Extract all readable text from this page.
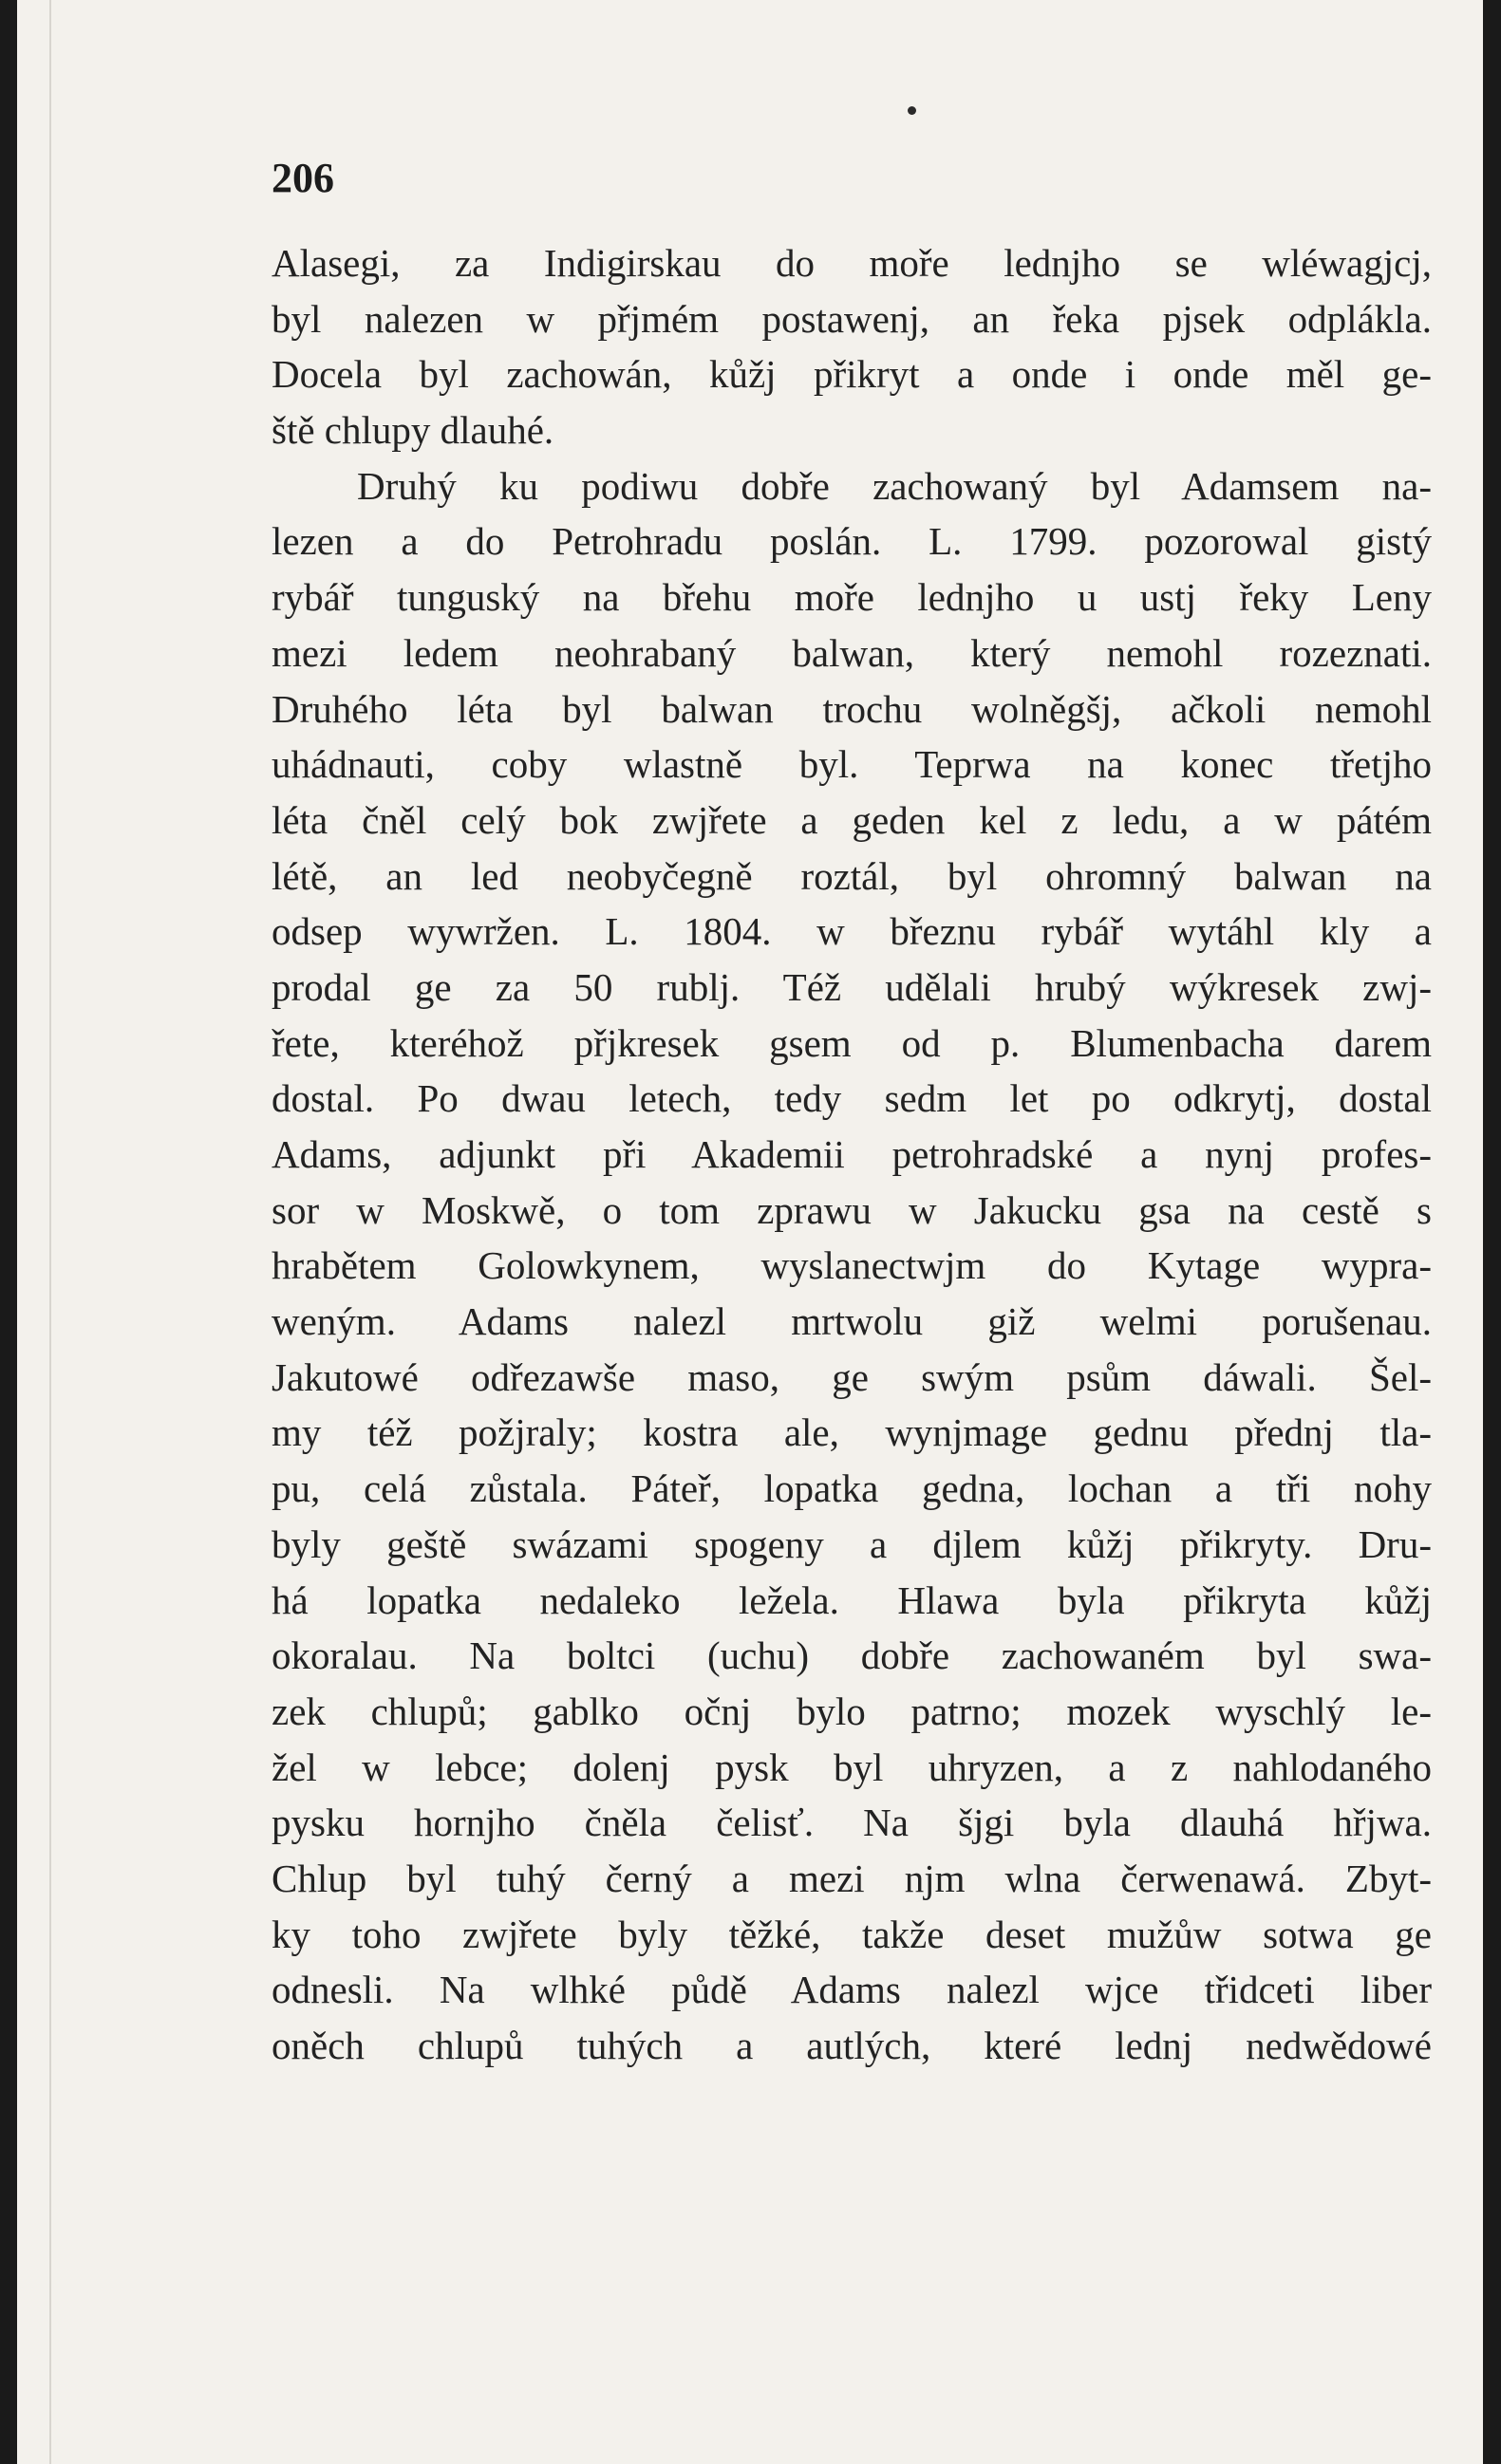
206
Alasegi, za Indigirskau do moře lednjho se wléwagjcj,
byl nalezen w přjmém postawenj, an řeka pjsek odplákla.
Docela byl zachowán, kůžj přikryt a onde i onde měl ge-
ště chlupy dlauhé.
Druhý ku podiwu dobře zachowaný byl Adamsem na-
lezen a do Petrohradu poslán. L. 1799. pozorowal gistý
rybář tunguský na břehu moře lednjho u ustj řeky Leny
mezi ledem neohrabaný balwan, který nemohl rozeznati.
Druhého léta byl balwan trochu wolněgšj, ačkoli nemohl
uhádnauti, coby wlastně byl. Teprwa na konec třetjho
léta čněl celý bok zwjřete a geden kel z ledu, a w pátém
létě, an led neobyčegně roztál, byl ohromný balwan na
odsep wywržen. L. 1804. w březnu rybář wytáhl kly a
prodal ge za 50 rublj. Též udělali hrubý wýkresek zwj-
řete, kteréhož přjkresek gsem od p. Blumenbacha darem
dostal. Po dwau letech, tedy sedm let po odkrytj, dostal
Adams, adjunkt při Akademii petrohradské a nynj profes-
sor w Moskwě, o tom zprawu w Jakucku gsa na cestě s
hrabětem Golowkynem, wyslanectwjm do Kytage wypra-
weným. Adams nalezl mrtwolu giž welmi porušenau.
Jakutowé odřezawše maso, ge swým psům dáwali. Šel-
my též požjraly; kostra ale, wynjmage gednu přednj tla-
pu, celá zůstala. Páteř, lopatka gedna, lochan a tři nohy
byly geště swázami spogeny a djlem kůžj přikryty. Dru-
há lopatka nedaleko ležela. Hlawa byla přikryta kůžj
okoralau. Na boltci (uchu) dobře zachowaném byl swa-
zek chlupů; gablko očnj bylo patrno; mozek wyschlý le-
žel w lebce; dolenj pysk byl uhryzen, a z nahlodaného
pysku hornjho čněla čelisť. Na šjgi byla dlauhá hřjwa.
Chlup byl tuhý černý a mezi njm wlna čerwenawá. Zbyt-
ky toho zwjřete byly těžké, takže deset mužůw sotwa ge
odnesli. Na wlhké půdě Adams nalezl wjce třidceti liber
oněch chlupů tuhých a autlých, které lednj nedwědowé
